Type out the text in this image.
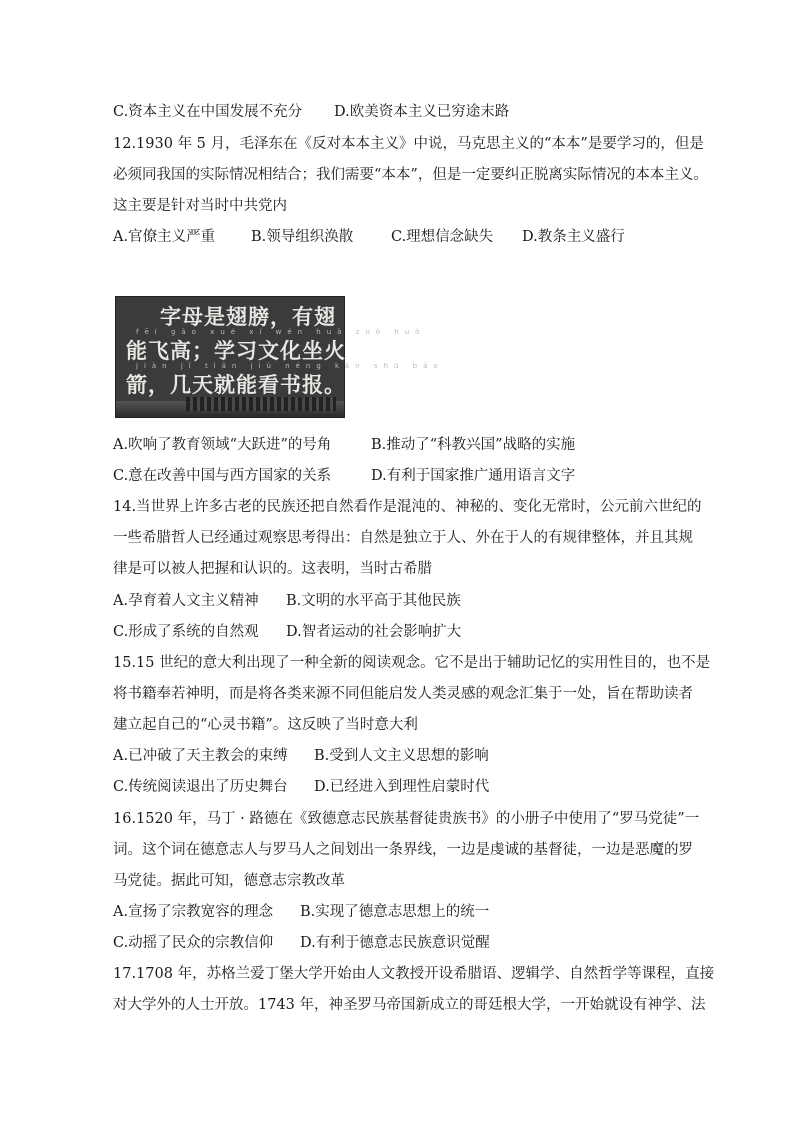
C.资本主义在中国发展不充分 D.欧美资本主义已穷途末路
12.1930 年 5 月，毛泽东在《反对本本主义》中说，马克思主义的“本本”是要学习的，但是
必须同我国的实际情况相结合；我们需要“本本”，但是一定要纠正脱离实际情况的本本主义。
这主要是针对当时中共党内
A.官僚主义严重 B.领导组织涣散	C.理想信念缺失 D.教条主义盛行
字母是翅膀，有翅
fēi gāo xué xí wén huà zuò huǒ
能飞高；学习文化坐火
jiàn jǐ tiān jiù néng kàn shū bào
箭，几天就能看书报。
A.吹响了教育领域“大跃进”的号角	B.推动了“科教兴国”战略的实施
C.意在改善中国与西方国家的关系	D.有利于国家推广通用语言文字
14.当世界上许多古老的民族还把自然看作是混沌的、神秘的、变化无常时，公元前六世纪的
一些希腊哲人已经通过观察思考得出：自然是独立于人、外在于人的有规律整体，并且其规
律是可以被人把握和认识的。这表明，当时古希腊
A.孕育着人文主义精神 B.文明的水平高于其他民族
C.形成了系统的自然观 D.智者运动的社会影响扩大
15.15 世纪的意大利出现了一种全新的阅读观念。它不是出于辅助记忆的实用性目的，也不是
将书籍奉若神明，而是将各类来源不同但能启发人类灵感的观念汇集于一处，旨在帮助读者
建立起自己的“心灵书籍”。这反映了当时意大利
A.已冲破了天主教会的束缚 B.受到人文主义思想的影响
C.传统阅读退出了历史舞台 D.已经进入到理性启蒙时代
16.1520 年，马丁 · 路德在《致德意志民族基督徒贵族书》的小册子中使用了“罗马党徒”一
词。这个词在德意志人与罗马人之间划出一条界线，一边是虔诚的基督徒，一边是恶魔的罗
马党徒。据此可知，德意志宗教改革
A.宣扬了宗教宽容的理念 B.实现了德意志思想上的统一
C.动摇了民众的宗教信仰 D.有利于德意志民族意识觉醒
17.1708 年，苏格兰爱丁堡大学开始由人文教授开设希腊语、逻辑学、自然哲学等课程，直接
对大学外的人士开放。1743 年，神圣罗马帝国新成立的哥廷根大学，一开始就设有神学、法
